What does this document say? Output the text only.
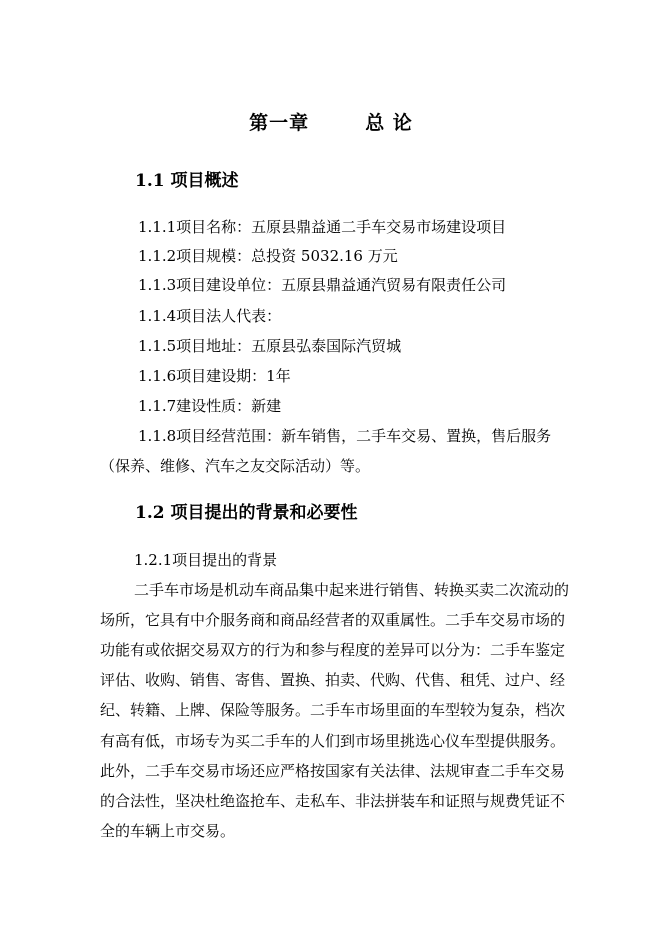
第一章	总 论
1.1 项目概述
1.1.1项目名称：五原县鼎益通二手车交易市场建设项目
1.1.2项目规模：总投资 5032.16 万元
1.1.3项目建设单位：五原县鼎益通汽贸易有限责任公司
1.1.4项目法人代表：
1.1.5项目地址：五原县弘泰国际汽贸城
1.1.6项目建设期：1年
1.1.7建设性质：新建
1.1.8项目经营范围：新车销售，二手车交易、置换，售后服务
（保养、维修、汽车之友交际活动）等。
1.2 项目提出的背景和必要性
1.2.1项目提出的背景
二手车市场是机动车商品集中起来进行销售、转换买卖二次流动的
场所，它具有中介服务商和商品经营者的双重属性。二手车交易市场的
功能有或依据交易双方的行为和参与程度的差异可以分为：二手车鉴定
评估、收购、销售、寄售、置换、拍卖、代购、代售、租凭、过户、经
纪、转籍、上牌、保险等服务。二手车市场里面的车型较为复杂，档次
有高有低，市场专为买二手车的人们到市场里挑选心仪车型提供服务。
此外，二手车交易市场还应严格按国家有关法律、法规审查二手车交易
的合法性，坚决杜绝盗抢车、走私车、非法拼装车和证照与规费凭证不
全的车辆上市交易。
